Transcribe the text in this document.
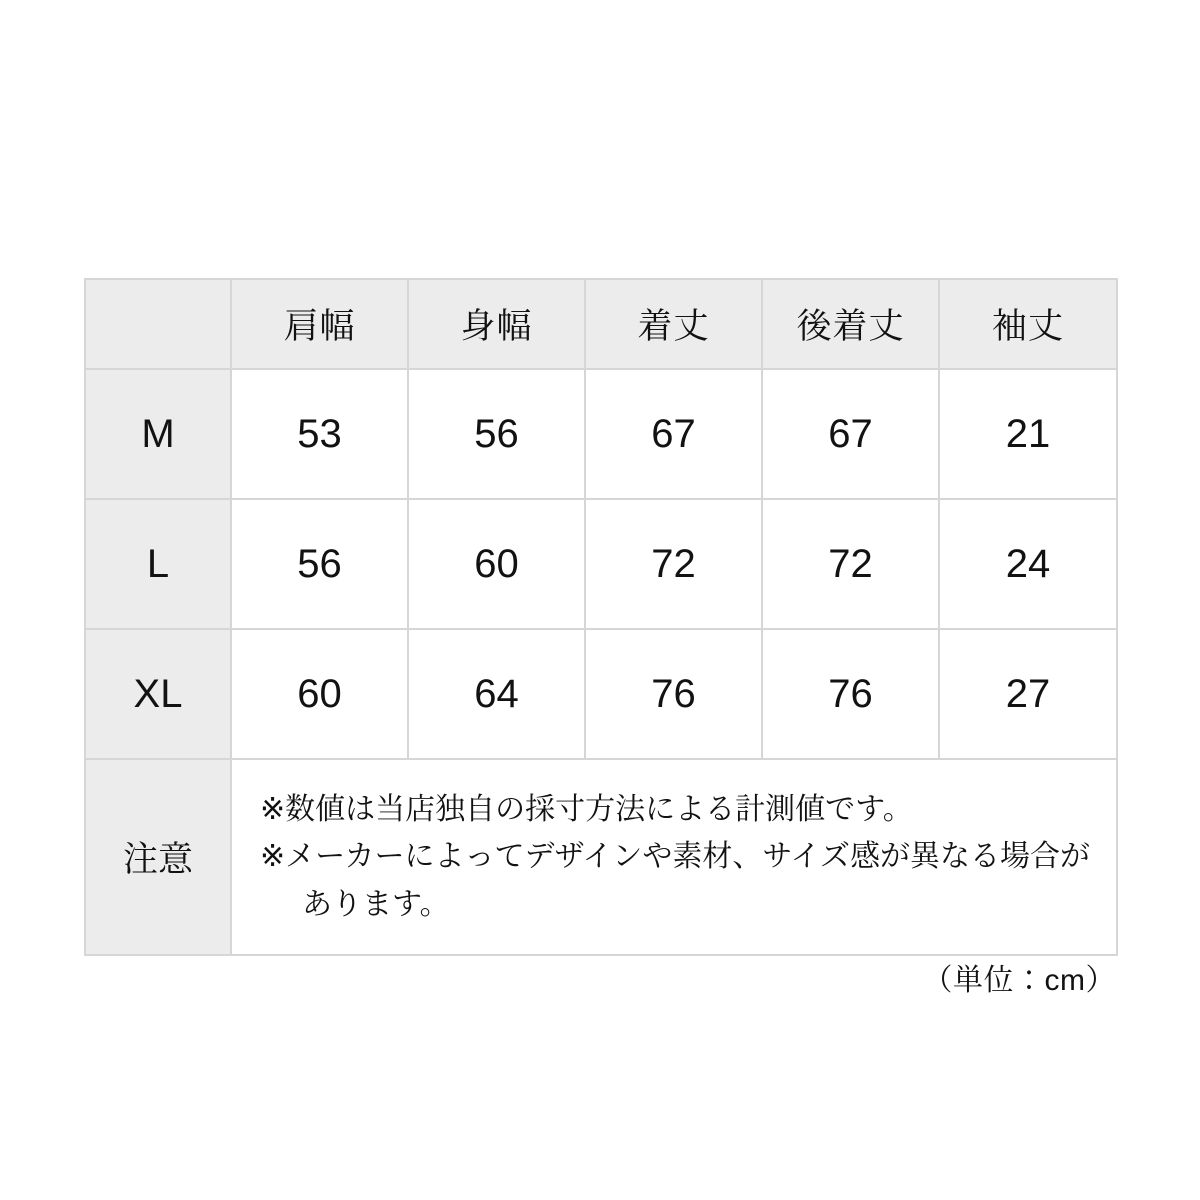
	肩幅	身幅	着丈	後着丈	袖丈
M	53	56	67	67	21
L	56	60	72	72	24
XL	60	64	76	76	27
注意	※数値は当店独自の採寸方法による計測値です。
※メーカーによってデザインや素材、サイズ感が異なる場合が
あります。				
（単位：cm）
